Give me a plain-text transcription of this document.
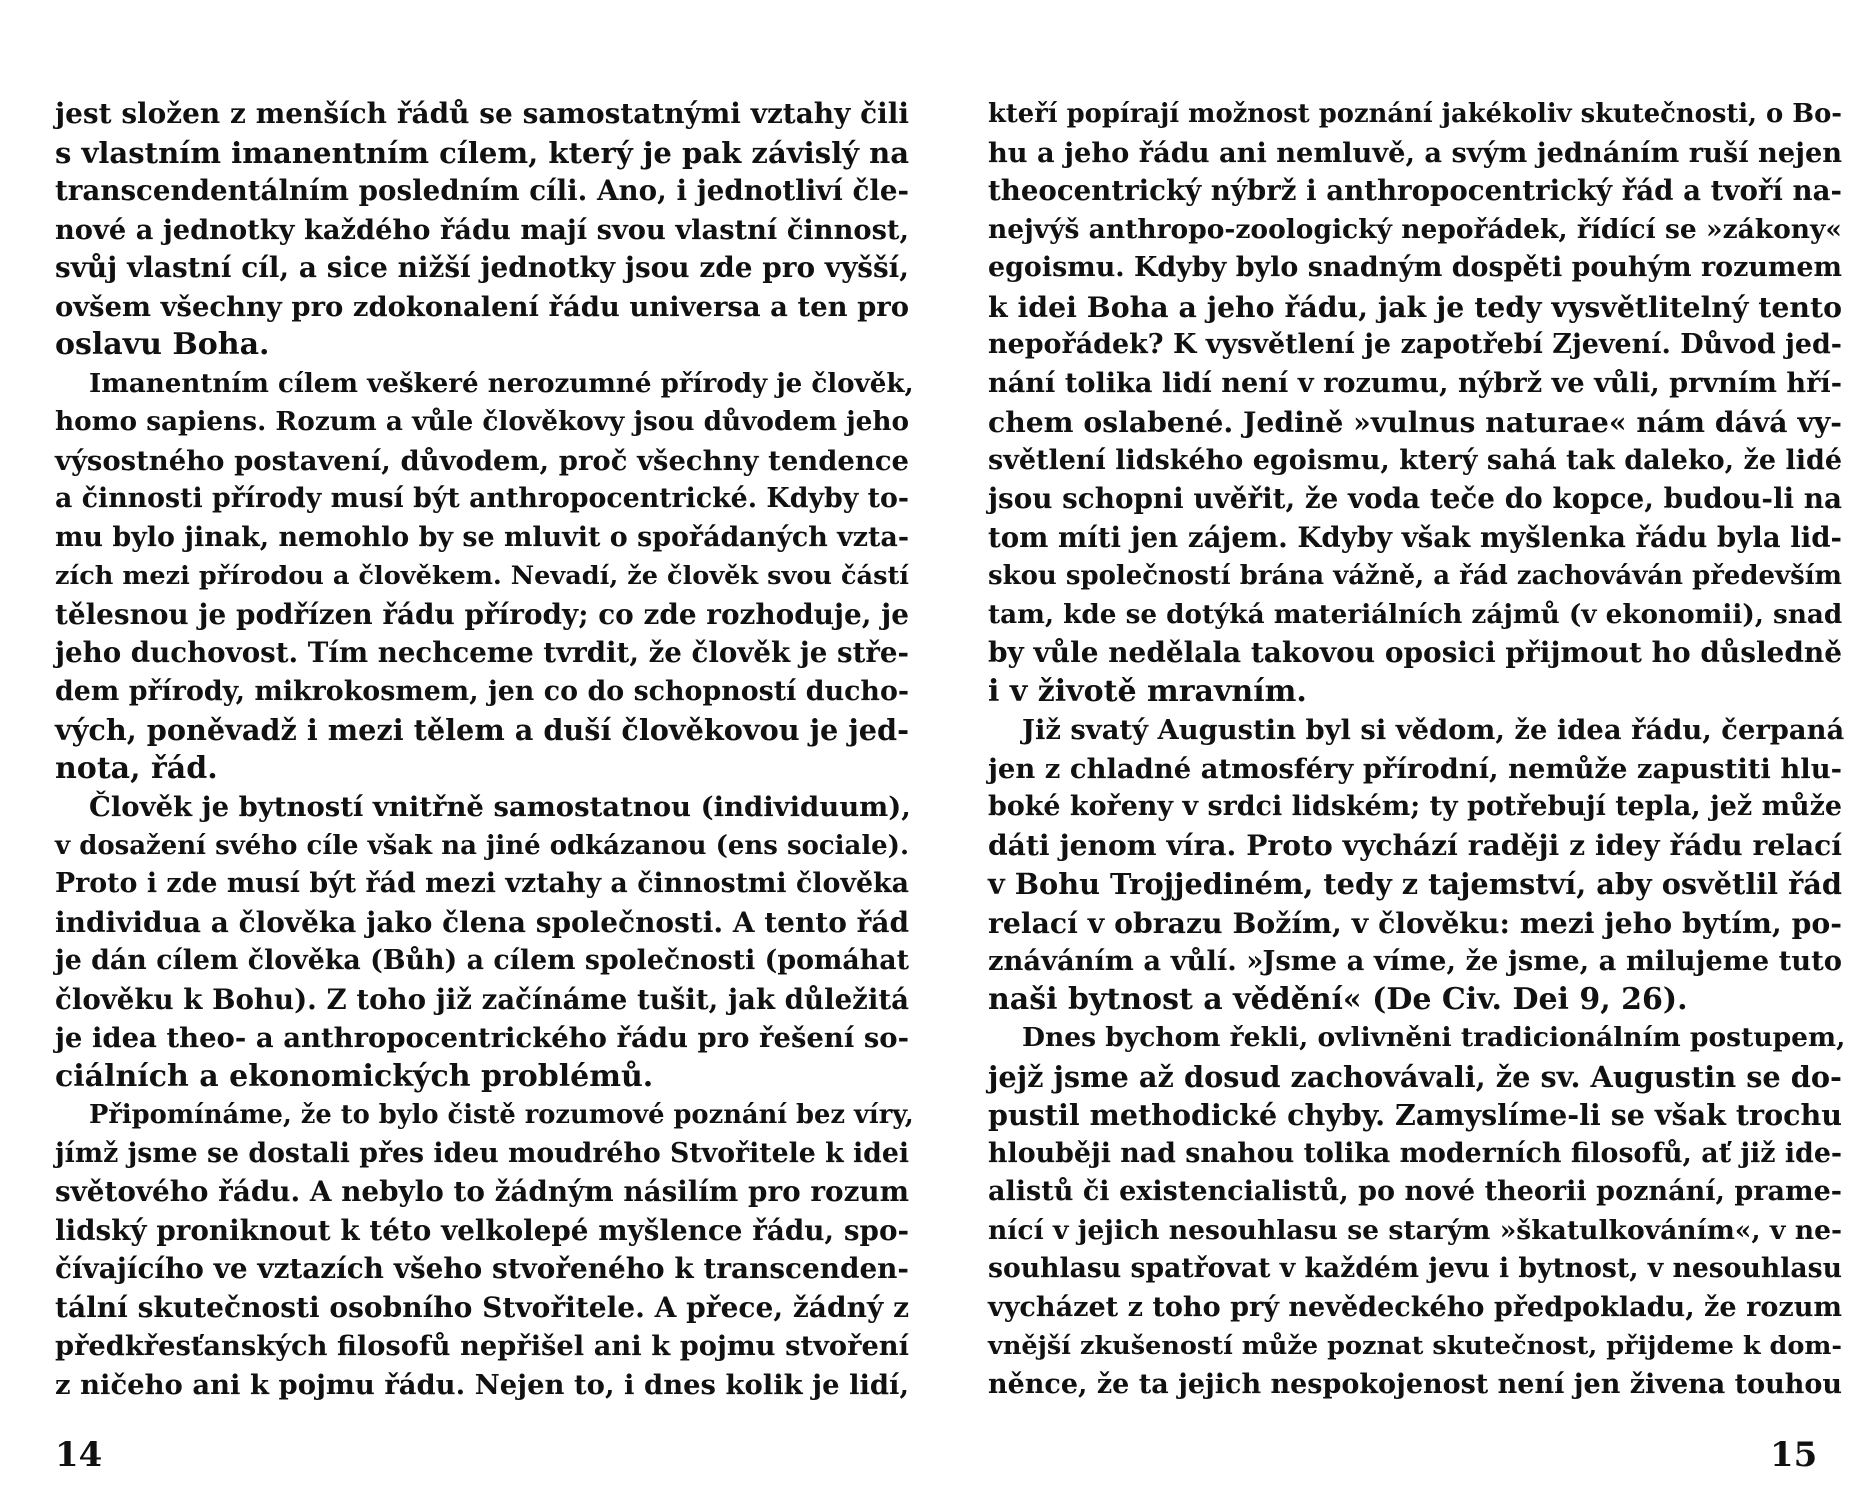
jest složen z menších řádů se samostatnými vztahy čili
s vlastním imanentním cílem, který je pak závislý na
transcendentálním posledním cíli. Ano, i jednotliví čle-
nové a jednotky každého řádu mají svou vlastní činnost,
svůj vlastní cíl, a sice nižší jednotky jsou zde pro vyšší,
ovšem všechny pro zdokonalení řádu universa a ten pro
oslavu Boha.
Imanentním cílem veškeré nerozumné přírody je člověk,
homo sapiens. Rozum a vůle člověkovy jsou důvodem jeho
výsostného postavení, důvodem, proč všechny tendence
a činnosti přírody musí být anthropocentrické. Kdyby to-
mu bylo jinak, nemohlo by se mluvit o spořádaných vzta-
zích mezi přírodou a člověkem. Nevadí, že člověk svou částí
tělesnou je podřízen řádu přírody; co zde rozhoduje, je
jeho duchovost. Tím nechceme tvrdit, že člověk je stře-
dem přírody, mikrokosmem, jen co do schopností ducho-
vých, poněvadž i mezi tělem a duší člověkovou je jed-
nota, řád.
Člověk je bytností vnitřně samostatnou (individuum),
v dosažení svého cíle však na jiné odkázanou (ens sociale).
Proto i zde musí být řád mezi vztahy a činnostmi člověka
individua a člověka jako člena společnosti. A tento řád
je dán cílem člověka (Bůh) a cílem společnosti (pomáhat
člověku k Bohu). Z toho již začínáme tušit, jak důležitá
je idea theo- a anthropocentrického řádu pro řešení so-
ciálních a ekonomických problémů.
Připomínáme, že to bylo čistě rozumové poznání bez víry,
jímž jsme se dostali přes ideu moudrého Stvořitele k idei
světového řádu. A nebylo to žádným násilím pro rozum
lidský proniknout k této velkolepé myšlence řádu, spo-
čívajícího ve vztazích všeho stvořeného k transcenden-
tální skutečnosti osobního Stvořitele. A přece, žádný z
předkřesťanských filosofů nepřišel ani k pojmu stvoření
z ničeho ani k pojmu řádu. Nejen to, i dnes kolik je lidí,
kteří popírají možnost poznání jakékoliv skutečnosti, o Bo-
hu a jeho řádu ani nemluvě, a svým jednáním ruší nejen
theocentrický nýbrž i anthropocentrický řád a tvoří na-
nejvýš anthropo-zoologický nepořádek, řídící se »zákony«
egoismu. Kdyby bylo snadným dospěti pouhým rozumem
k idei Boha a jeho řádu, jak je tedy vysvětlitelný tento
nepořádek? K vysvětlení je zapotřebí Zjevení. Důvod jed-
nání tolika lidí není v rozumu, nýbrž ve vůli, prvním hří-
chem oslabené. Jedině »vulnus naturae« nám dává vy-
světlení lidského egoismu, který sahá tak daleko, že lidé
jsou schopni uvěřit, že voda teče do kopce, budou-li na
tom míti jen zájem. Kdyby však myšlenka řádu byla lid-
skou společností brána vážně, a řád zachováván především
tam, kde se dotýká materiálních zájmů (v ekonomii), snad
by vůle nedělala takovou oposici přijmout ho důsledně
i v životě mravním.
Již svatý Augustin byl si vědom, že idea řádu, čerpaná
jen z chladné atmosféry přírodní, nemůže zapustiti hlu-
boké kořeny v srdci lidském; ty potřebují tepla, jež může
dáti jenom víra. Proto vychází raději z idey řádu relací
v Bohu Trojjediném, tedy z tajemství, aby osvětlil řád
relací v obrazu Božím, v člověku: mezi jeho bytím, po-
znáváním a vůlí. »Jsme a víme, že jsme, a milujeme tuto
naši bytnost a vědění« (De Civ. Dei 9, 26).
Dnes bychom řekli, ovlivněni tradicionálním postupem,
jejž jsme až dosud zachovávali, že sv. Augustin se do-
pustil methodické chyby. Zamyslíme-li se však trochu
hlouběji nad snahou tolika moderních filosofů, ať již ide-
alistů či existencialistů, po nové theorii poznání, prame-
nící v jejich nesouhlasu se starým »škatulkováním«, v ne-
souhlasu spatřovat v každém jevu i bytnost, v nesouhlasu
vycházet z toho prý nevědeckého předpokladu, že rozum
vnější zkušeností může poznat skutečnost, přijdeme k dom-
něnce, že ta jejich nespokojenost není jen živena touhou
14	15
